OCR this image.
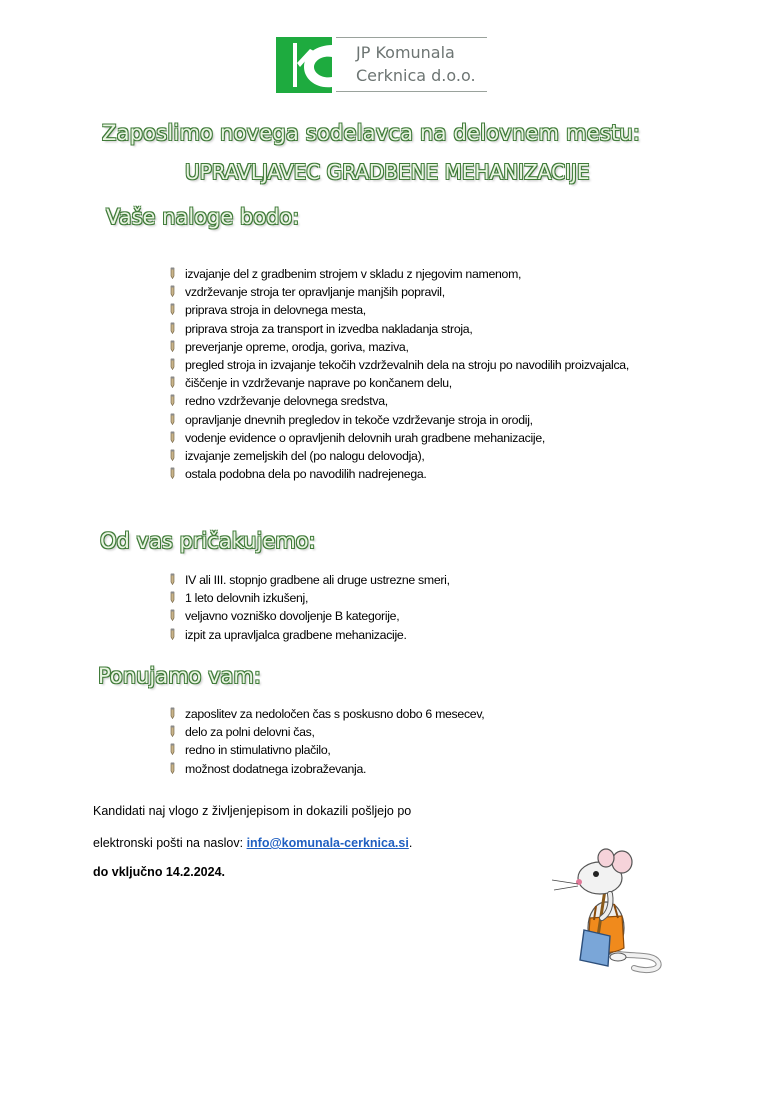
JP Komunala
Cerknica d.o.o.
Zaposlimo novega sodelavca na delovnem mestu:
UPRAVLJAVEC GRADBENE MEHANIZACIJE
Vaše naloge bodo:
izvajanje del z gradbenim strojem v skladu z njegovim namenom,
vzdrževanje stroja ter opravljanje manjših popravil,
priprava stroja in delovnega mesta,
priprava stroja za transport in izvedba nakladanja stroja,
preverjanje opreme, orodja, goriva, maziva,
pregled stroja in izvajanje tekočih vzdrževalnih dela na stroju po navodilih proizvajalca,
čiščenje in vzdrževanje naprave po končanem delu,
redno vzdrževanje delovnega sredstva,
opravljanje dnevnih pregledov in tekoče vzdrževanje stroja in orodij,
vodenje evidence o opravljenih delovnih urah gradbene mehanizacije,
izvajanje zemeljskih del (po nalogu delovodja),
ostala podobna dela po navodilih nadrejenega.
Od vas pričakujemo:
IV ali III. stopnjo gradbene ali druge ustrezne smeri,
1 leto delovnih izkušenj,
veljavno vozniško dovoljenje B kategorije,
izpit za upravljalca gradbene mehanizacije.
Ponujamo vam:
zaposlitev za nedoločen čas s poskusno dobo 6 mesecev,
delo za polni delovni čas,
redno in stimulativno plačilo,
možnost dodatnega izobraževanja.
Kandidati naj vlogo z življenjepisom in dokazili pošljejo po
elektronski pošti na naslov: info@komunala-cerknica.si.
do vključno 14.2.2024.
